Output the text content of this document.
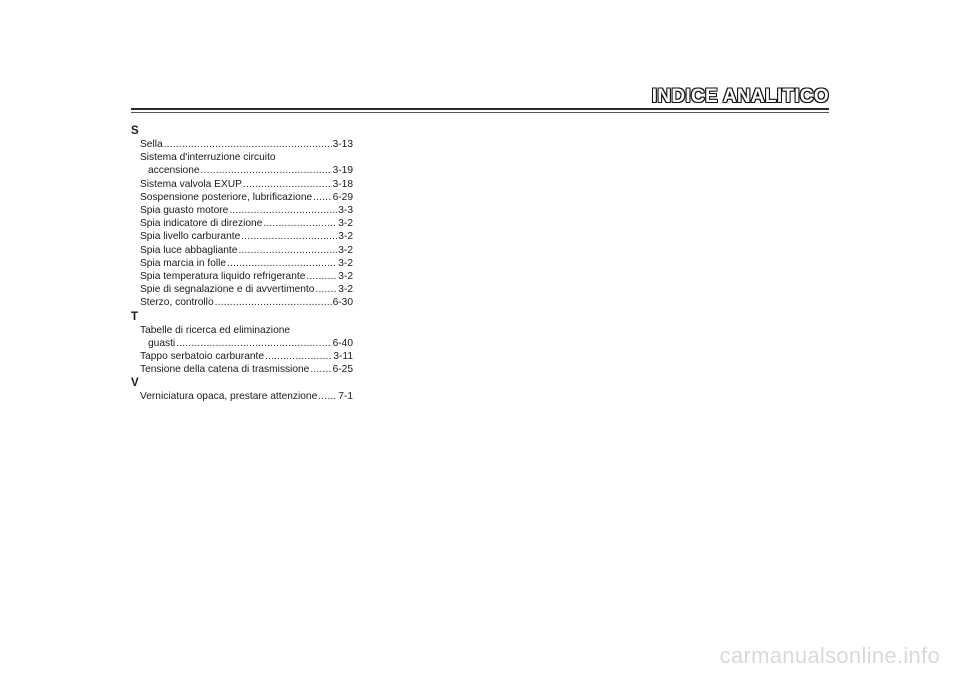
INDICE ANALITICO
S
Sella .....	3-13
Sistema d'interruzione circuito
accensione .....	3-19
Sistema valvola EXUP .....	3-18
Sospensione posteriore, lubrificazione ..... 6-29
Spia guasto motore .....	3-3
Spia indicatore di direzione .....	3-2
Spia livello carburante .....	3-2
Spia luce abbagliante .....	3-2
Spia marcia in folle .....	3-2
Spia temperatura liquido refrigerante .....	3-2
Spie di segnalazione e di avvertimento ..... 3-2
Sterzo, controllo .....	6-30
T
Tabelle di ricerca ed eliminazione
guasti .....	6-40
Tappo serbatoio carburante .....	3-11
Tensione della catena di trasmissione ..... 6-25
V
Verniciatura opaca, prestare attenzione ..... 7-1
carmanualsonline.info
